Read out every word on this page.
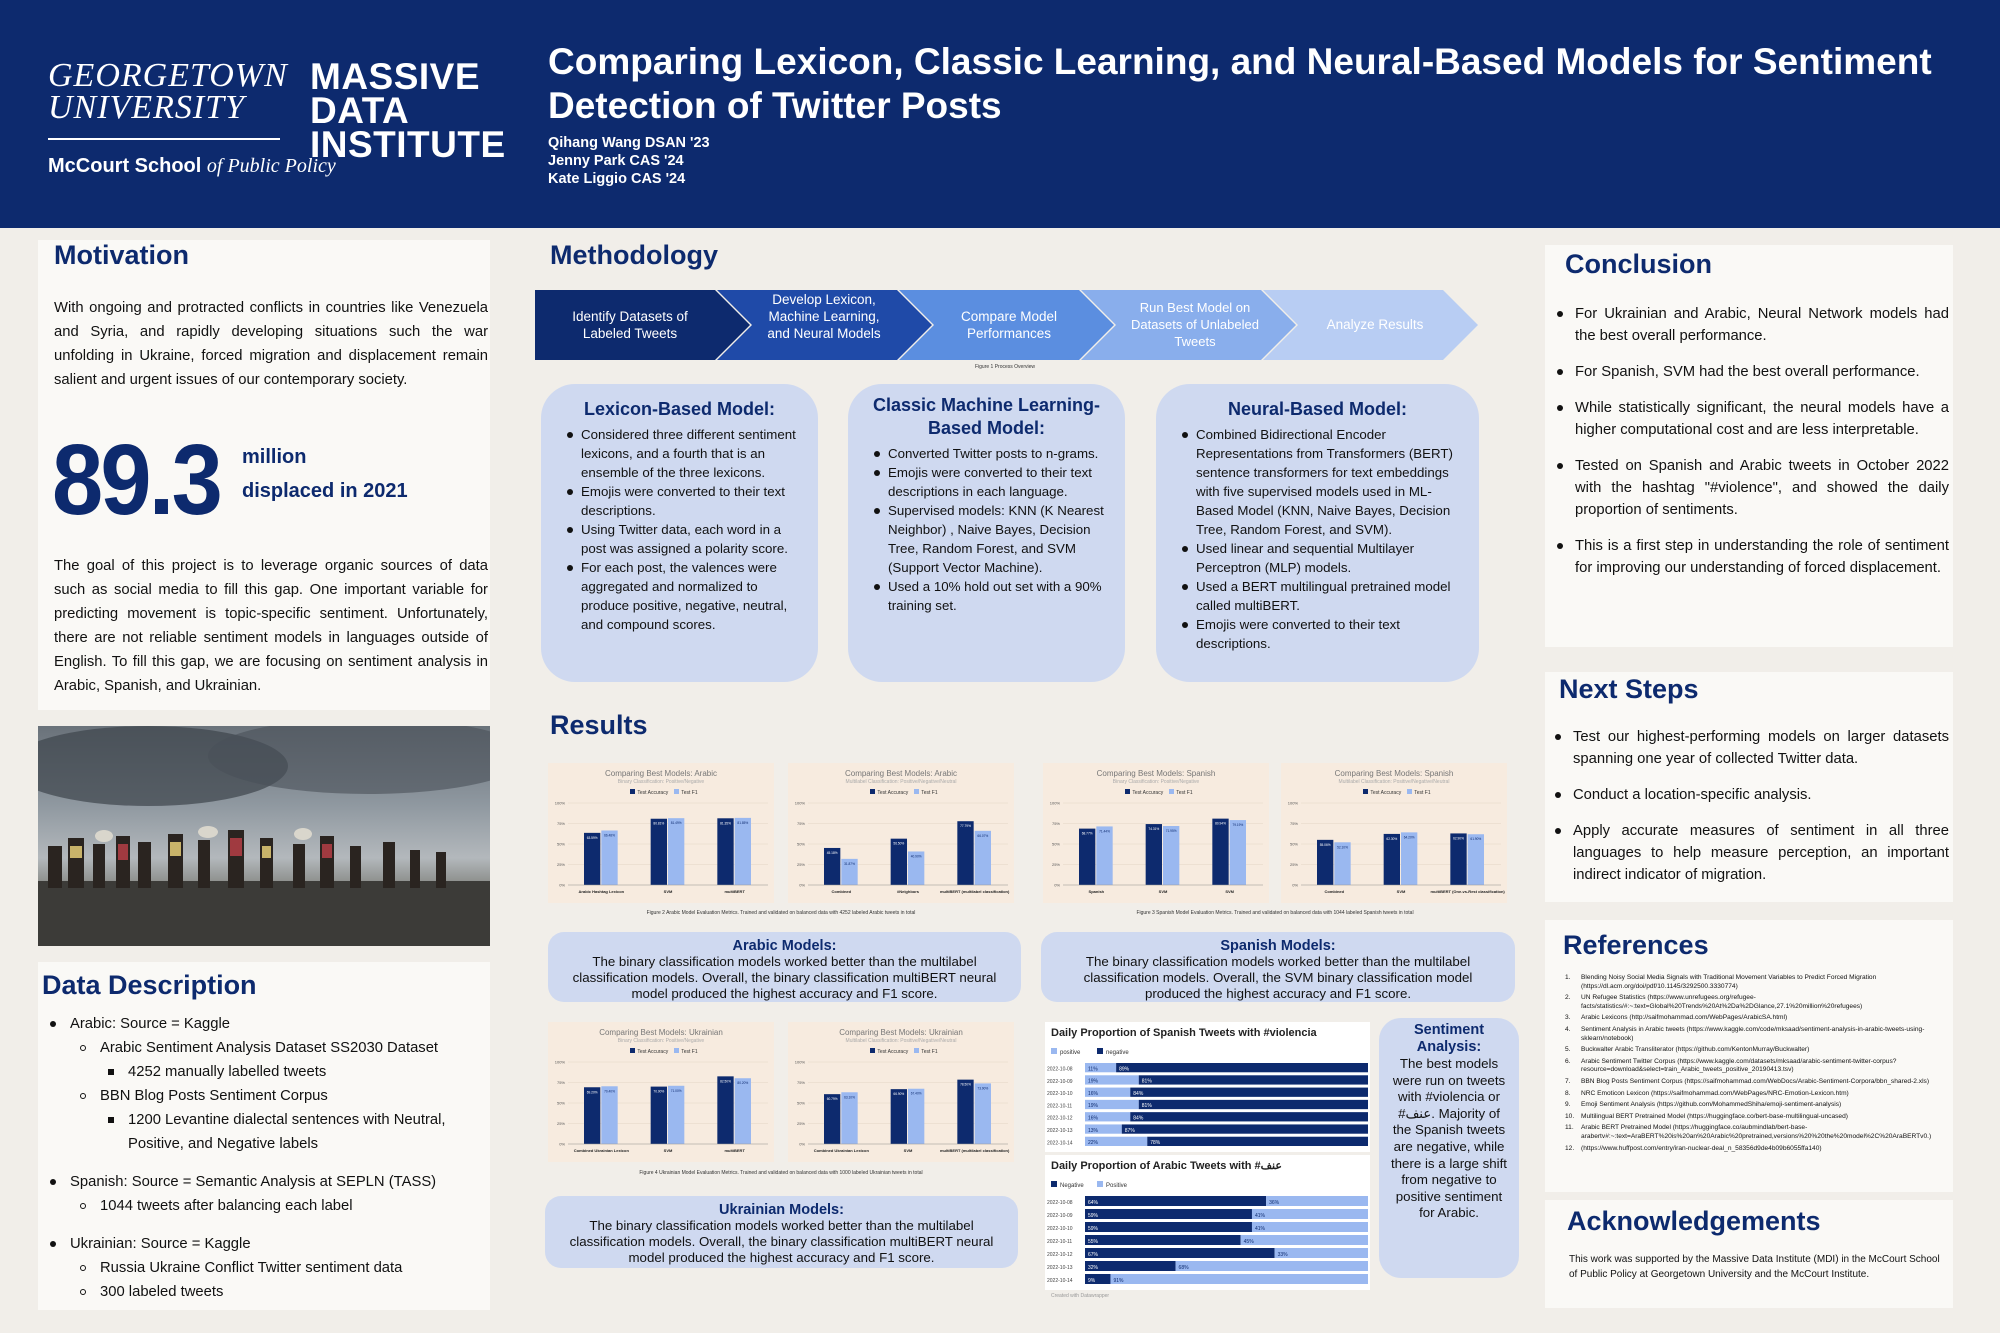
GEORGETOWN UNIVERSITY
McCourt School of Public Policy
MASSIVE DATA INSTITUTE
Comparing Lexicon, Classic Learning, and Neural-Based Models for Sentiment Detection of Twitter Posts
Qihang Wang DSAN '23
Jenny Park CAS '24
Kate Liggio CAS '24
Motivation

With ongoing and protracted conflicts in countries like Venezuela and Syria, and rapidly developing situations such the war unfolding in Ukraine, forced migration and displacement remain salient and urgent issues of our contemporary society.

89.3 million
displaced in 2021

The goal of this project is to leverage organic sources of data such as social media to fill this gap. One important variable for predicting movement is topic-specific sentiment. Unfortunately, there are not reliable sentiment models in languages outside of English. To fill this gap, we are focusing on sentiment analysis in Arabic, Spanish, and Ukrainian.

Data Description
Arabic: Source = Kaggle
Arabic Sentiment Analysis Dataset SS2030 Dataset
4252 manually labelled tweets
BBN Blog Posts Sentiment Corpus
1200 Levantine dialectal sentences with Neutral, Positive, and Negative labels
Spanish: Source = Semantic Analysis at SEPLN (TASS)
1044 tweets after balancing each label
Ukrainian: Source = Kaggle
Russia Ukraine Conflict Twitter sentiment data
300 labeled tweets
Methodology
Identify Datasets of Labeled Tweets
Develop Lexicon, Machine Learning, and Neural Models
Compare Model Performances
Run Best Model on Datasets of Unlabeled Tweets
Analyze Results
Figure 1 Process Overview
Lexicon-Based Model:
Considered three different sentiment lexicons, and a fourth that is an ensemble of the three lexicons.
Emojis were converted to their text descriptions.
Using Twitter data, each word in a post was assigned a polarity score.
For each post, the valences were aggregated and normalized to produce positive, negative, neutral, and compound scores.
Classic Machine Learning-Based Model:
Converted Twitter posts to n-grams.
Emojis were converted to their text descriptions in each language.
Supervised models: KNN (K Nearest Neighbor) , Naive Bayes, Decision Tree, Random Forest, and SVM (Support Vector Machine).
Used a 10% hold out set with a 90% training set.
Neural-Based Model:
Combined Bidirectional Encoder Representations from Transformers (BERT) sentence transformers for text embeddings with five supervised models used in ML-Based Model (KNN, Naive Bayes, Decision Tree, Random Forest, and SVM).
Used linear and sequential Multilayer Perceptron (MLP) models.
Used a BERT multilingual pretrained model called multiBERT.
Emojis were converted to their text descriptions.
Results
Comparing Best Models: Arabic
Binary Classification: Positive/Negative
Test Accuracy	Test F1
0%
25%
50%
75%
100%
63.59%
66.48%
Arabic Hashtag Lexicon
80.81% 81.49%
SVM
81.35% 81.85%
multiBERT
Comparing Best Models: Arabic
Multilabel Classification: Positive/Negative/Neutral
Test Accuracy	Test F1
0%
25%
50%
75%
100%
45.18%
31.87%
Combined
56.50%
40.90%
#Neighbors
77.79%
66.07%
multiBERT (multilabel classification)
Figure 2 Arabic Model Evaluation Metrics. Trained and validated on balanced data with 4252 labeled Arabic tweets in total
Comparing Best Models: Spanish
Binary Classification: Positive/Negative
Test Accuracy	Test F1
0%
25%
50%
75%
100%
68.77%
71.44%
Spanish
74.31% 71.95%
SVM
80.94% 79.19%
SVM
Comparing Best Models: Spanish
Multilabel Classification: Positive/Negative/Neutral
Test Accuracy	Test F1
0%
25%
50%
75%
100%
55.06%
52.10%
Combined
62.30% 64.20%
SVM
62.90% 61.90%
multiBERT (One-vs-Rest classification)
Figure 3 Spanish Model Evaluation Metrics. Trained and validated on balanced data with 1044 labeled Spanish tweets in total
Arabic Models:
The binary classification models worked better than the multilabel classification models. Overall, the binary classification multiBERT neural model produced the highest accuracy and F1 score.
Spanish Models:
The binary classification models worked better than the multilabel classification models. Overall, the SVM binary classification model produced the highest accuracy and F1 score.
Comparing Best Models: Ukrainian
Binary Classification: Positive/Negative
Test Accuracy	Test F1
0%
25%
50%
75%
100%
69.20% 70.40%
Combined Ukrainian Lexicon
70.00% 71.00%
SVM
82.50% 80.20%
multiBERT
Comparing Best Models: Ukrainian
Multilabel Classification: Positive/Negative/Neutral
Test Accuracy	Test F1
0%
25%
50%
75%
100%
60.79% 63.10%
Combined Ukrainian Lexicon
66.90% 67.40%
SVM
78.50%
73.90%
multiBERT (multilabel classification)
Figure 4 Ukrainian Model Evaluation Metrics. Trained and validated on balanced data with 1000 labeled Ukrainian tweets in total
Ukrainian Models:
The binary classification models worked better than the multilabel classification models. Overall, the binary classification multiBERT neural model produced the highest accuracy and F1 score.
Daily Proportion of Spanish Tweets with #violencia
positive	negative
2022-10-08	11%	89%
2022-10-09	19%	81%
2022-10-10	16%	84%
2022-10-11	19%	81%
2022-10-12	16%	84%
2022-10-13	13%	87%
2022-10-14	22%	78%
Daily Proportion of Arabic Tweets with #عنف
Negative	Positive
2022-10-08	64%	36%
2022-10-09	59%	41%
2022-10-10	59%	41%
2022-10-11	55%	45%
2022-10-12	67%	33%
2022-10-13	32%	68%
2022-10-14	9%	91%
Created with Datawrapper
Sentiment Analysis:
The best models were run on tweets with #violencia or #عنف. Majority of the Spanish tweets are negative, while there is a large shift from negative to positive sentiment for Arabic.
Conclusion
For Ukrainian and Arabic, Neural Network models had the best overall performance.
For Spanish, SVM had the best overall performance.
While statistically significant, the neural models have a higher computational cost and are less interpretable.
Tested on Spanish and Arabic tweets in October 2022 with the hashtag "#violence", and showed the daily proportion of sentiments.
This is a first step in understanding the role of sentiment for improving our understanding of forced displacement.
Next Steps
Test our highest-performing models on larger datasets spanning one year of collected Twitter data.
Conduct a location-specific analysis.
Apply accurate measures of sentiment in all three languages to help measure perception, an important indirect indicator of migration.
References
1. Blending Noisy Social Media Signals with Traditional Movement Variables to Predict Forced Migration (https://dl.acm.org/doi/pdf/10.1145/3292500.3330774)
2. UN Refugee Statistics (https://www.unrefugees.org/refugee-facts/statistics/#:~:text=Global%20Trends%20At%2Da%2DGlance,27.1%20million%20refugees)
3. Arabic Lexicons (http://saifmohammad.com/WebPages/ArabicSA.html)
4. Sentiment Analysis in Arabic tweets (https://www.kaggle.com/code/mksaad/sentiment-analysis-in-arabic-tweets-using-sklearn/notebook)
5. Buckwalter Arabic Transliterator (https://github.com/KentonMurray/Buckwalter)
6. Arabic Sentiment Twitter Corpus (https://www.kaggle.com/datasets/mksaad/arabic-sentiment-twitter-corpus?resource=download&select=train_Arabic_tweets_positive_20190413.tsv)
7. BBN Blog Posts Sentiment Corpus (https://saifmohammad.com/WebDocs/Arabic-Sentiment-Corpora/bbn_shared-2.xls)
8. NRC Emoticon Lexicon (https://saifmohammad.com/WebPages/NRC-Emotion-Lexicon.htm)
9. Emoji Sentiment Analysis (https://github.com/MohammedShiha/emoji-sentiment-analysis)
10. Multilingual BERT Pretrained Model (https://huggingface.co/bert-base-multilingual-uncased)
11. Arabic BERT Pretrained Model (https://huggingface.co/aubmindlab/bert-base-arabertv#:~:text=AraBERT%20is%20an%20Arabic%20pretrained,versions%20%20the%20model%2C%20AraBERTv0.)
12. (https://www.huffpost.com/entry/iran-nuclear-deal_n_58356d9de4b09b6055ffa140)
Acknowledgements

This work was supported by the Massive Data Institute (MDI) in the McCourt School of Public Policy at Georgetown University and the McCourt Institute.
